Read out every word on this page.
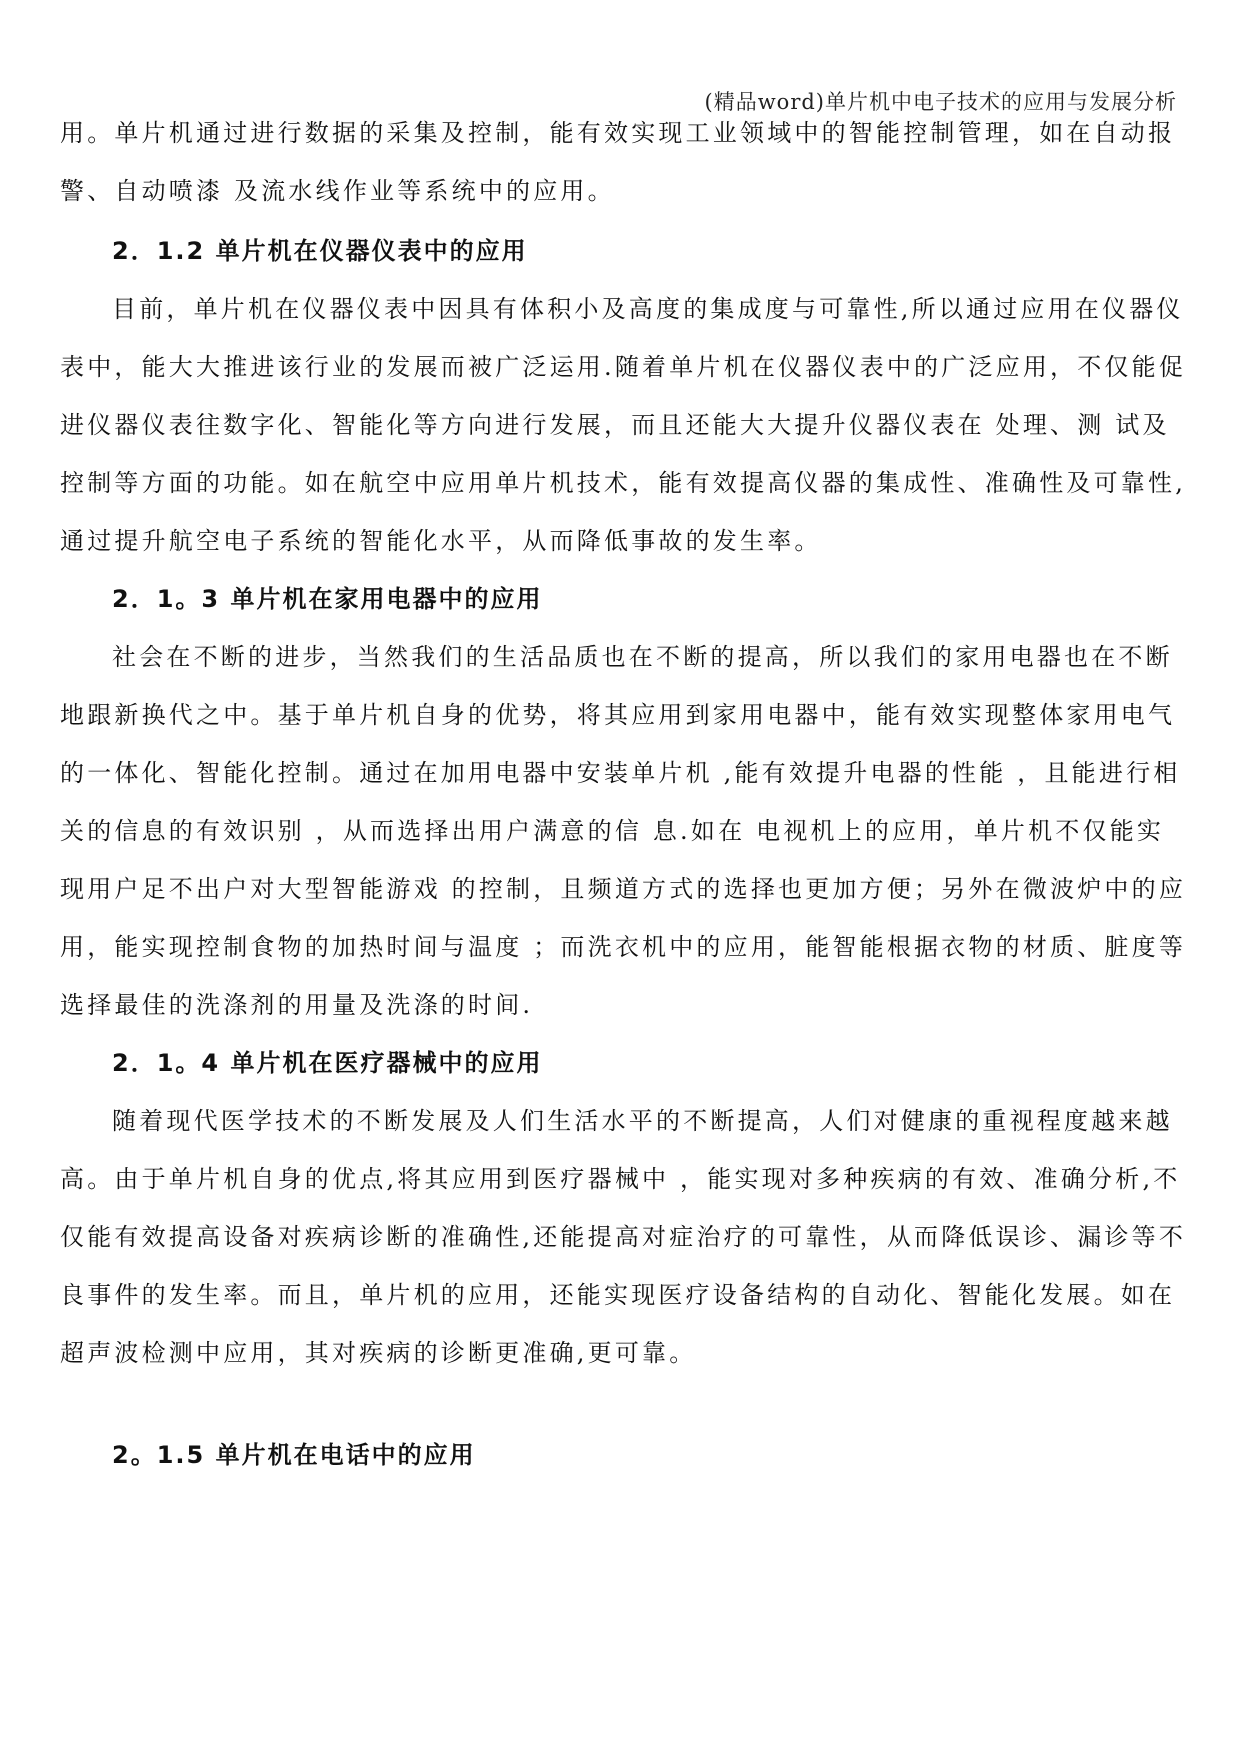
(精品word)单片机中电子技术的应用与发展分析
用。单片机通过进行数据的采集及控制，能有效实现工业领域中的智能控制管理，如在自动报
警、自动喷漆 及流水线作业等系统中的应用。
2．1.2 单片机在仪器仪表中的应用
目前，单片机在仪器仪表中因具有体积小及高度的集成度与可靠性,所以通过应用在仪器仪
表中，能大大推进该行业的发展而被广泛运用.随着单片机在仪器仪表中的广泛应用，不仅能促
进仪器仪表往数字化、智能化等方向进行发展，而且还能大大提升仪器仪表在 处理、测 试及
控制等方面的功能。如在航空中应用单片机技术，能有效提高仪器的集成性、准确性及可靠性,
通过提升航空电子系统的智能化水平，从而降低事故的发生率。
2．1。3 单片机在家用电器中的应用
社会在不断的进步，当然我们的生活品质也在不断的提高，所以我们的家用电器也在不断
地跟新换代之中。基于单片机自身的优势，将其应用到家用电器中，能有效实现整体家用电气
的一体化、智能化控制。通过在加用电器中安装单片机 ,能有效提升电器的性能 ，且能进行相
关的信息的有效识别 ，从而选择出用户满意的信 息.如在 电视机上的应用，单片机不仅能实
现用户足不出户对大型智能游戏 的控制，且频道方式的选择也更加方便；另外在微波炉中的应
用，能实现控制食物的加热时间与温度 ；而洗衣机中的应用，能智能根据衣物的材质、脏度等
选择最佳的洗涤剂的用量及洗涤的时间.
2．1。4 单片机在医疗器械中的应用
随着现代医学技术的不断发展及人们生活水平的不断提高，人们对健康的重视程度越来越
高。由于单片机自身的优点,将其应用到医疗器械中 ，能实现对多种疾病的有效、准确分析,不
仅能有效提高设备对疾病诊断的准确性,还能提高对症治疗的可靠性，从而降低误诊、漏诊等不
良事件的发生率。而且，单片机的应用，还能实现医疗设备结构的自动化、智能化发展。如在
超声波检测中应用，其对疾病的诊断更准确,更可靠。
2。1.5 单片机在电话中的应用
